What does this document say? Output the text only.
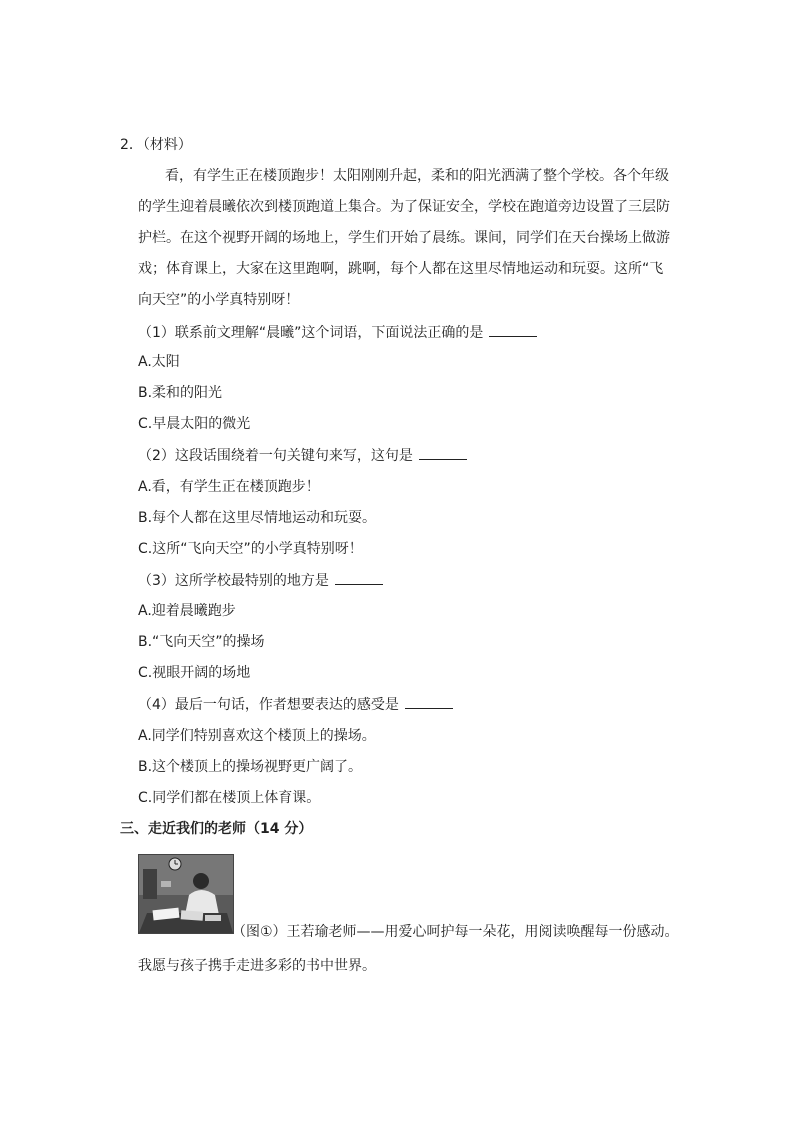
2．（材料）
看，有学生正在楼顶跑步！太阳刚刚升起，柔和的阳光洒满了整个学校。各个年级
的学生迎着晨曦依次到楼顶跑道上集合。为了保证安全，学校在跑道旁边设置了三层防
护栏。在这个视野开阔的场地上，学生们开始了晨练。课间，同学们在天台操场上做游
戏；体育课上，大家在这里跑啊，跳啊，每个人都在这里尽情地运动和玩耍。这所“飞
向天空”的小学真特别呀！
（1）联系前文理解“晨曦”这个词语，下面说法正确的是
A.太阳
B.柔和的阳光
C.早晨太阳的微光
（2）这段话围绕着一句关键句来写，这句是
A.看，有学生正在楼顶跑步！
B.每个人都在这里尽情地运动和玩耍。
C.这所“飞向天空”的小学真特别呀！
（3）这所学校最特别的地方是
A.迎着晨曦跑步
B.“飞向天空”的操场
C.视眼开阔的场地
（4）最后一句话，作者想要表达的感受是
A.同学们特别喜欢这个楼顶上的操场。
B.这个楼顶上的操场视野更广阔了。
C.同学们都在楼顶上体育课。
三、走近我们的老师（14 分）
（图①）王若瑜老师——用爱心呵护每一朵花，用阅读唤醒每一份感动。
我愿与孩子携手走进多彩的书中世界。
